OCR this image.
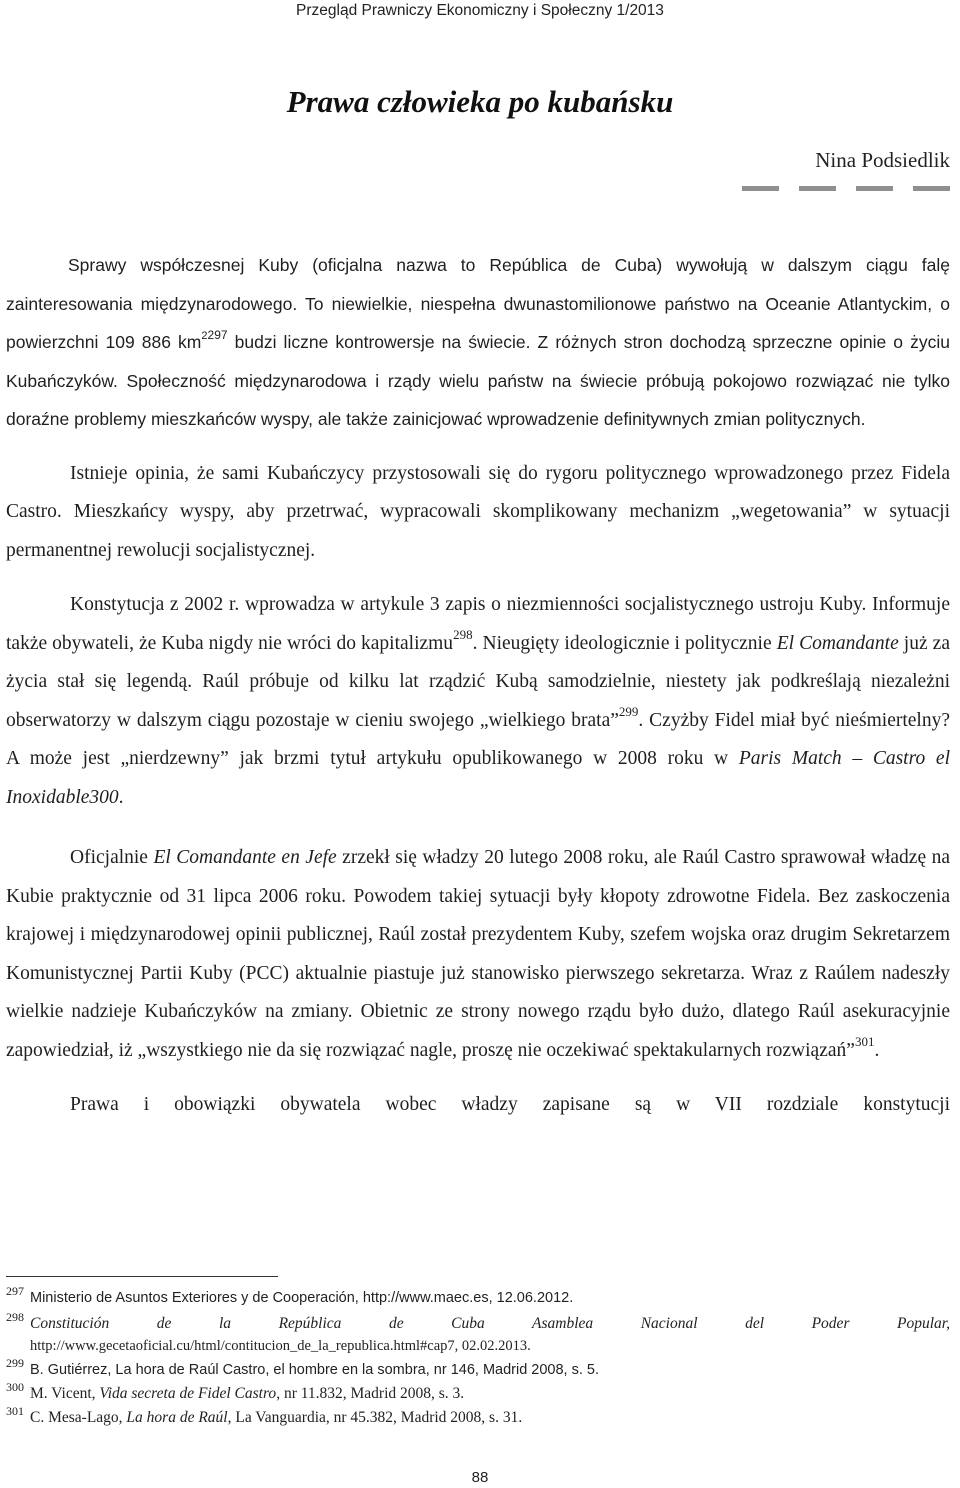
Przegląd Prawniczy Ekonomiczny i Społeczny 1/2013
Prawa człowieka po kubańsku
Nina Podsiedlik

Sprawy współczesnej Kuby (oficjalna nazwa to República de Cuba) wywołują w dalszym ciągu falę zainteresowania międzynarodowego. To niewielkie, niespełna dwunastomilionowe państwo na Oceanie Atlantyckim, o powierzchni 109 886 $km^{2297}$ budzi liczne kontrowersje na świecie. Z różnych stron dochodzą sprzeczne opinie o życiu Kubańczyków. Społeczność międzynarodowa i rządy wielu państw na świecie próbują pokojowo rozwiązać nie tylko doraźne problemy mieszkańców wyspy, ale także zainicjować wprowadzenie definitywnych zmian politycznych.

Istnieje opinia, że sami Kubańczycy przystosowali się do rygoru politycznego wprowadzonego przez Fidela Castro. Mieszkańcy wyspy, aby przetrwać, wypracowali skomplikowany mechanizm „wegetowania” w sytuacji permanentnej rewolucji socjalistycznej.

Konstytucja z 2002 r. wprowadza w artykule 3 zapis o niezmienności socjalistycznego ustroju Kuby. Informuje także obywateli, że Kuba nigdy nie wróci do kapitalizmu$^{298}$. Nieugięty ideologicznie i politycznie El Comandante już za życia stał się legendą. Raúl próbuje od kilku lat rządzić Kubą samodzielnie, niestety jak podkreślają niezależni obserwatorzy w dalszym ciągu pozostaje w cieniu swojego „wielkiego brata”$^{299}$. Czyżby Fidel miał być nieśmiertelny? A może jest „nierdzewny” jak brzmi tytuł artykułu opublikowanego w 2008 roku w Paris Match – Castro el Inoxidable300.

Oficjalnie El Comandante en Jefe zrzekł się władzy 20 lutego 2008 roku, ale Raúl Castro sprawował władzę na Kubie praktycznie od 31 lipca 2006 roku. Powodem takiej sytuacji były kłopoty zdrowotne Fidela. Bez zaskoczenia krajowej i międzynarodowej opinii publicznej, Raúl został prezydentem Kuby, szefem wojska oraz drugim Sekretarzem Komunistycznej Partii Kuby (PCC) aktualnie piastuje już stanowisko pierwszego sekretarza. Wraz z Raúlem nadeszły wielkie nadzieje Kubańczyków na zmiany. Obietnic ze strony nowego rządu było dużo, dlatego Raúl asekuracyjnie zapowiedział, iż „wszystkiego nie da się rozwiązać nagle, proszę nie oczekiwać spektakularnych rozwiązań”$^{301}$.

Prawa i obowiązki obywatela wobec władzy zapisane są w VII rozdziale konstytucji

297 Ministerio de Asuntos Exteriores y de Cooperación, http://www.maec.es, 12.06.2012.
298 Constitución de la República de Cuba Asamblea Nacional del Poder Popular,
http://www.gecetaoficial.cu/html/contitucion_de_la_republica.html#cap7, 02.02.2013.
299 B. Gutiérrez, La hora de Raúl Castro, el hombre en la sombra, nr 146, Madrid 2008, s. 5.
300 M. Vicent, Vida secreta de Fidel Castro, nr 11.832, Madrid 2008, s. 3.
301 C. Mesa-Lago, La hora de Raúl, La Vanguardia, nr 45.382, Madrid 2008, s. 31.
88
